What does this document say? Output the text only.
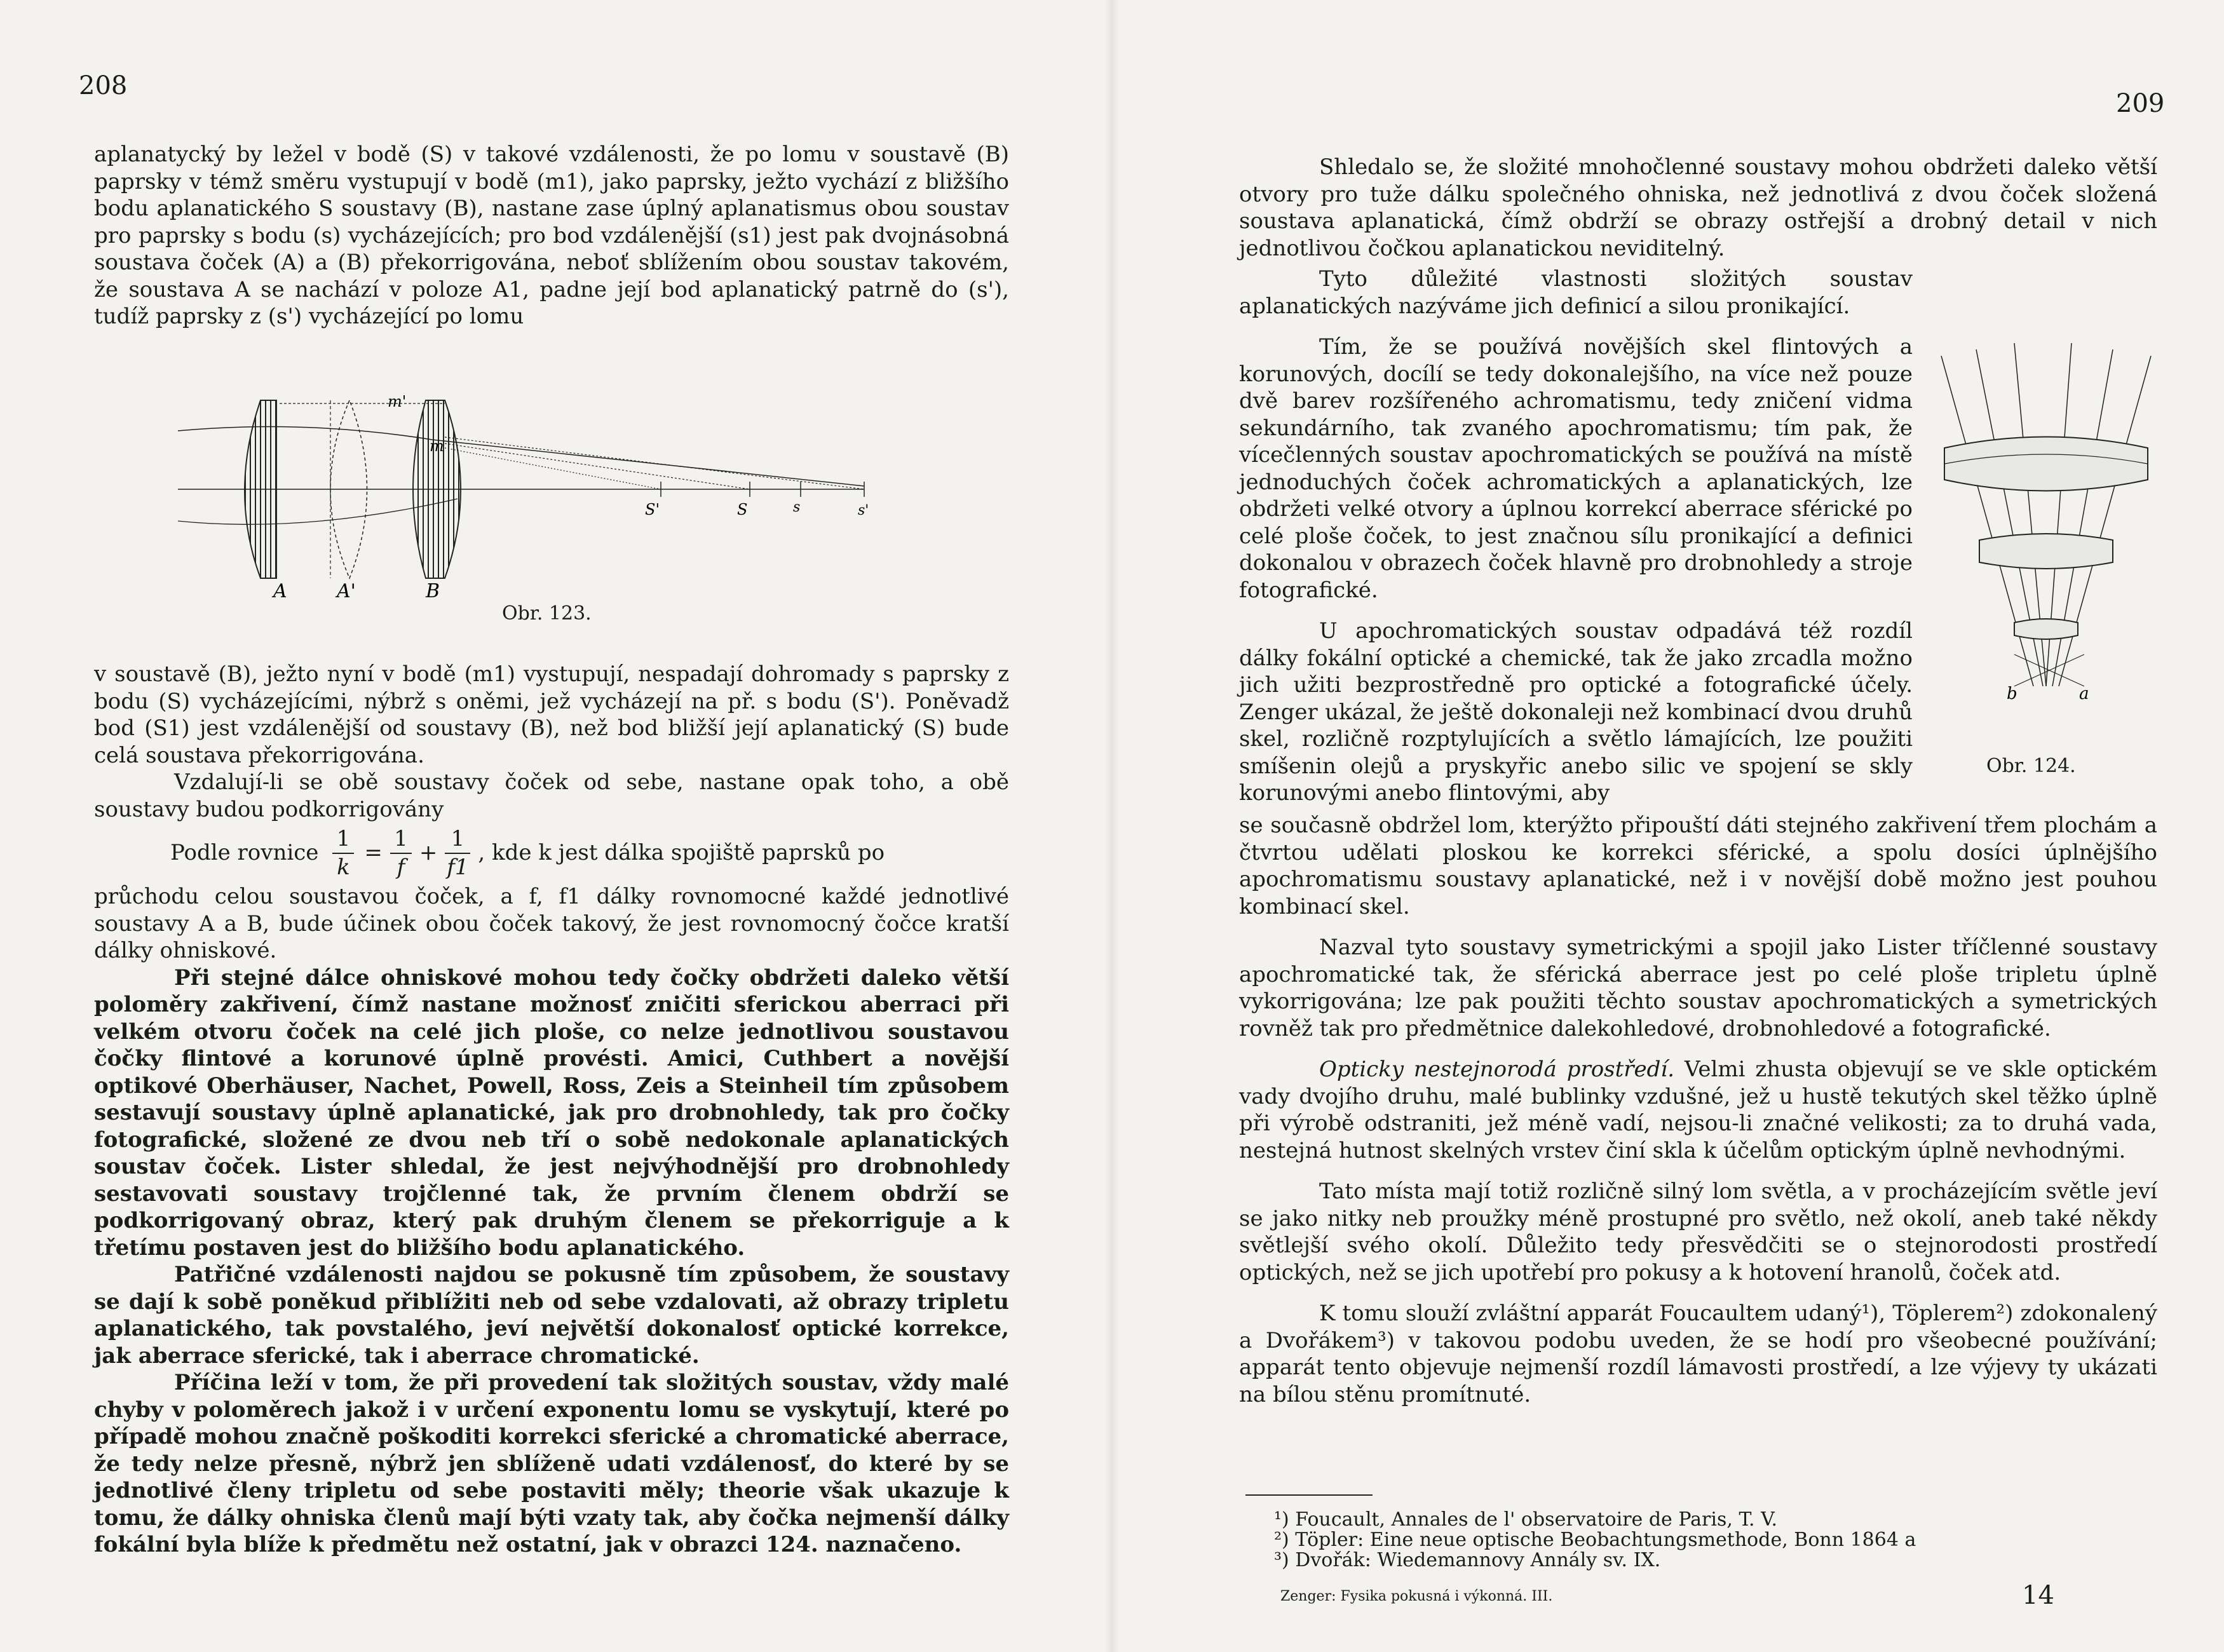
208

aplanatycký by ležel v bodě (S) v takové vzdálenosti, že po lomu v soustavě (B) paprsky v témž směru vystupují v bodě (m1), jako paprsky, ježto vychází z bližšího bodu aplanatického S soustavy (B), nastane zase úplný aplanatismus obou soustav pro paprsky s bodu (s) vycházejících; pro bod vzdálenější (s1) jest pak dvojnásobná soustava čoček (A) a (B) překorrigována, neboť sblížením obou soustav takovém, že soustava A se nachází v poloze A1, padne její bod aplanatický patrně do (s'), tudíž paprsky z (s') vycházející po lomu

A	A'	B
m'
m
S'	S	s	s'
Obr. 123.

v soustavě (B), ježto nyní v bodě (m1) vystupují, nespadají dohromady s paprsky z bodu (S) vycházejícími, nýbrž s oněmi, jež vycházejí na př. s bodu (S'). Poněvadž bod (S1) jest vzdálenější od soustavy (B), než bod bližší její aplanatický (S) bude celá soustava překorrigována.

Vzdalují-li se obě soustavy čoček od sebe, nastane opak toho, a obě soustavy budou podkorrigovány

Podle rovnice
1
k
=
1
f
+
1
f1
, kde k jest dálka spojiště paprsků po

průchodu celou soustavou čoček, a f, f1 dálky rovnomocné každé jednotlivé soustavy A a B, bude účinek obou čoček takový, že jest rovnomocný čočce kratší dálky ohniskové.

Při stejné dálce ohniskové mohou tedy čočky obdržeti daleko větší poloměry zakřivení, čímž nastane možnosť zničiti sferickou aberraci při velkém otvoru čoček na celé jich ploše, co nelze jednotlivou soustavou čočky flintové a korunové úplně provésti. Amici, Cuthbert a novější optikové Oberhäuser, Nachet, Powell, Ross, Zeis a Steinheil tím způsobem sestavují soustavy úplně aplanatické, jak pro drobnohledy, tak pro čočky fotografické, složené ze dvou neb tří o sobě nedokonale aplanatických soustav čoček. Lister shledal, že jest nejvýhodnější pro drobnohledy sestavovati soustavy trojčlenné tak, že prvním členem obdrží se podkorrigovaný obraz, který pak druhým členem se překorriguje a k třetímu postaven jest do bližšího bodu aplanatického.

Patřičné vzdálenosti najdou se pokusně tím způsobem, že soustavy se dají k sobě poněkud přiblížiti neb od sebe vzdalovati, až obrazy tripletu aplanatického, tak povstalého, jeví největší dokonalosť optické korrekce, jak aberrace sferické, tak i aberrace chromatické.

Příčina leží v tom, že při provedení tak složitých soustav, vždy malé chyby v poloměrech jakož i v určení exponentu lomu se vyskytují, které po případě mohou značně poškoditi korrekci sferické a chromatické aberrace, že tedy nelze přesně, nýbrž jen sblíženě udati vzdálenosť, do které by se jednotlivé členy tripletu od sebe postaviti měly; theorie však ukazuje k tomu, že dálky ohniska členů mají býti vzaty tak, aby čočka nejmenší dálky fokální byla blíže k předmětu než ostatní, jak v obrazci 124. naznačeno.

209

Shledalo se, že složité mnohočlenné soustavy mohou obdržeti daleko větší otvory pro tuže dálku společného ohniska, než jednotlivá z dvou čoček složená soustava aplanatická, čímž obdrží se obrazy ostřejší a drobný detail v nich jednotlivou čočkou aplanatickou neviditelný.

Tyto důležité vlastnosti složitých soustav aplanatických nazýváme jich definicí a silou pronikající.

Tím, že se používá novějších skel flintových a korunových, docílí se tedy dokonalejšího, na více než pouze dvě barev rozšířeného achromatismu, tedy zničení vidma sekundárního, tak zvaného apochromatismu; tím pak, že vícečlenných soustav apochromatických se používá na místě jednoduchých čoček achromatických a aplanatických, lze obdržeti velké otvory a úplnou korrekcí aberrace sférické po celé ploše čoček, to jest značnou sílu pronikající a definici dokonalou v obrazech čoček hlavně pro drobnohledy a stroje fotografické.

U apochromatických soustav odpadává též rozdíl dálky fokální optické a chemické, tak že jako zrcadla možno jich užiti bezprostředně pro optické a fotografické účely. Zenger ukázal, že ještě dokonaleji než kombinací dvou druhů skel, rozličně rozptylujících a světlo lámajících, lze použiti smíšenin olejů a pryskyřic anebo silic ve spojení se skly korunovými anebo flintovými, aby

b	a
Obr. 124.

se současně obdržel lom, kterýžto připouští dáti stejného zakřivení třem plochám a čtvrtou udělati ploskou ke korrekci sférické, a spolu dosíci úplnějšího apochromatismu soustavy aplanatické, než i v novější době možno jest pouhou kombinací skel.

Nazval tyto soustavy symetrickými a spojil jako Lister tříčlenné soustavy apochromatické tak, že sférická aberrace jest po celé ploše tripletu úplně vykorrigována; lze pak použiti těchto soustav apochromatických a symetrických rovněž tak pro předmětnice dalekohledové, drobnohledové a fotografické.

Opticky nestejnorodá prostředí. Velmi zhusta objevují se ve skle optickém vady dvojího druhu, malé bublinky vzdušné, jež u hustě tekutých skel těžko úplně při výrobě odstraniti, jež méně vadí, nejsou-li značné velikosti; za to druhá vada, nestejná hutnost skelných vrstev činí skla k účelům optickým úplně nevhodnými.

Tato místa mají totiž rozličně silný lom světla, a v procházejícím světle jeví se jako nitky neb proužky méně prostupné pro světlo, než okolí, aneb také někdy světlejší svého okolí. Důležito tedy přesvědčiti se o stejnorodosti prostředí optických, než se jich upotřebí pro pokusy a k hotovení hranolů, čoček atd.

K tomu slouží zvláštní apparát Foucaultem udaný¹), Töplerem²) zdokonalený a Dvořákem³) v takovou podobu uveden, že se hodí pro všeobecné používání; apparát tento objevuje nejmenší rozdíl lámavosti prostředí, a lze výjevy ty ukázati na bílou stěnu promítnuté.

¹) Foucault, Annales de l' observatoire de Paris, T. V.
²) Töpler: Eine neue optische Beobachtungsmethode, Bonn 1864 a
³) Dvořák: Wiedemannovy Annály sv. IX.
Zenger: Fysika pokusná i výkonná. III.	14
